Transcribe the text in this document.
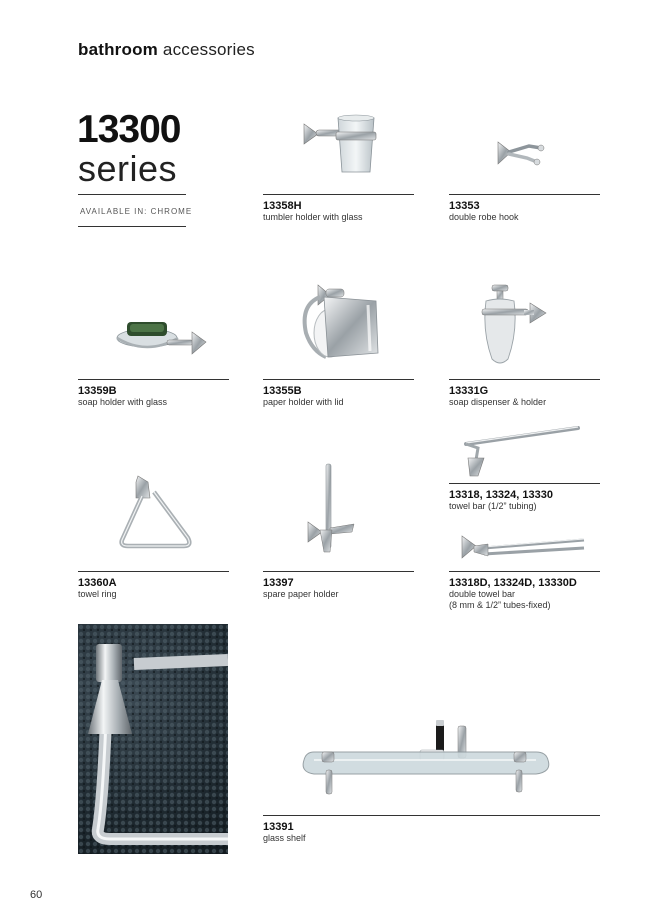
bathroom accessories
13300
series
AVAILABLE IN: CHROME	13358H
tumbler holder with glass
13353
double robe hook
13359B
soap holder with glass
13355B
paper holder with lid
13331G
soap dispenser & holder
13318, 13324, 13330
towel bar (1/2” tubing)
13360A
towel ring
13397
spare paper holder
13318D, 13324D, 13330D
double towel bar
(8 mm & 1/2” tubes-fixed)
13391
glass shelf
60
